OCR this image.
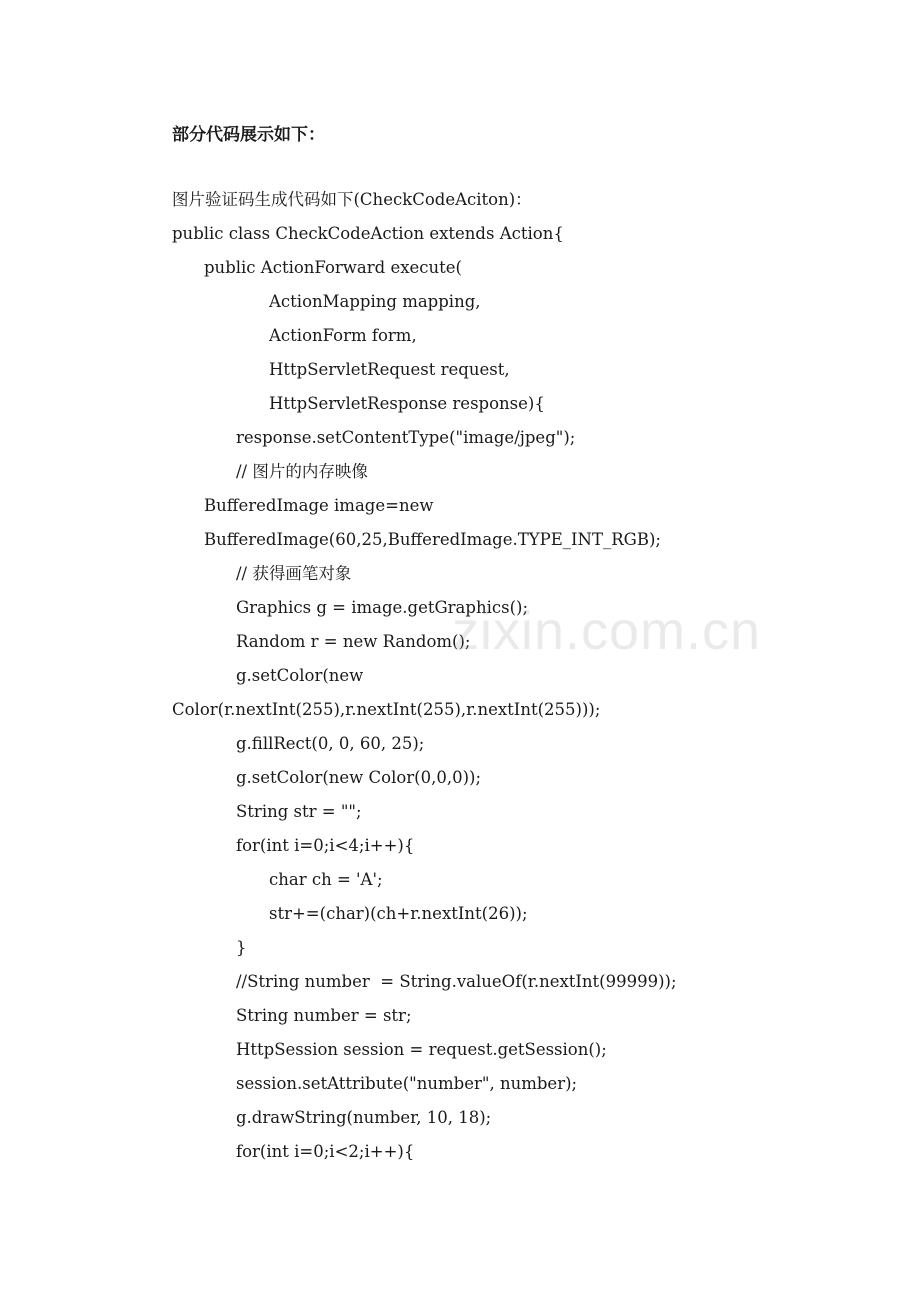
部分代码展示如下：
图片验证码生成代码如下(CheckCodeAciton)：
public class CheckCodeAction extends Action{
public ActionForward execute(
ActionMapping mapping,
ActionForm form,
HttpServletRequest request,
HttpServletResponse response){
response.setContentType("image/jpeg");
// 图片的内存映像
BufferedImage image=new
BufferedImage(60,25,BufferedImage.TYPE_INT_RGB);
// 获得画笔对象
Graphics g = image.getGraphics();
Random r = new Random();
g.setColor(new
Color(r.nextInt(255),r.nextInt(255),r.nextInt(255)));
g.fillRect(0, 0, 60, 25);
g.setColor(new Color(0,0,0));
String str = "";
for(int i=0;i<4;i++){
char ch = 'A';
str+=(char)(ch+r.nextInt(26));
}
//String number  = String.valueOf(r.nextInt(99999));
String number = str;
HttpSession session = request.getSession();
session.setAttribute("number", number);
g.drawString(number, 10, 18);
for(int i=0;i<2;i++){
zixin.com.cn
